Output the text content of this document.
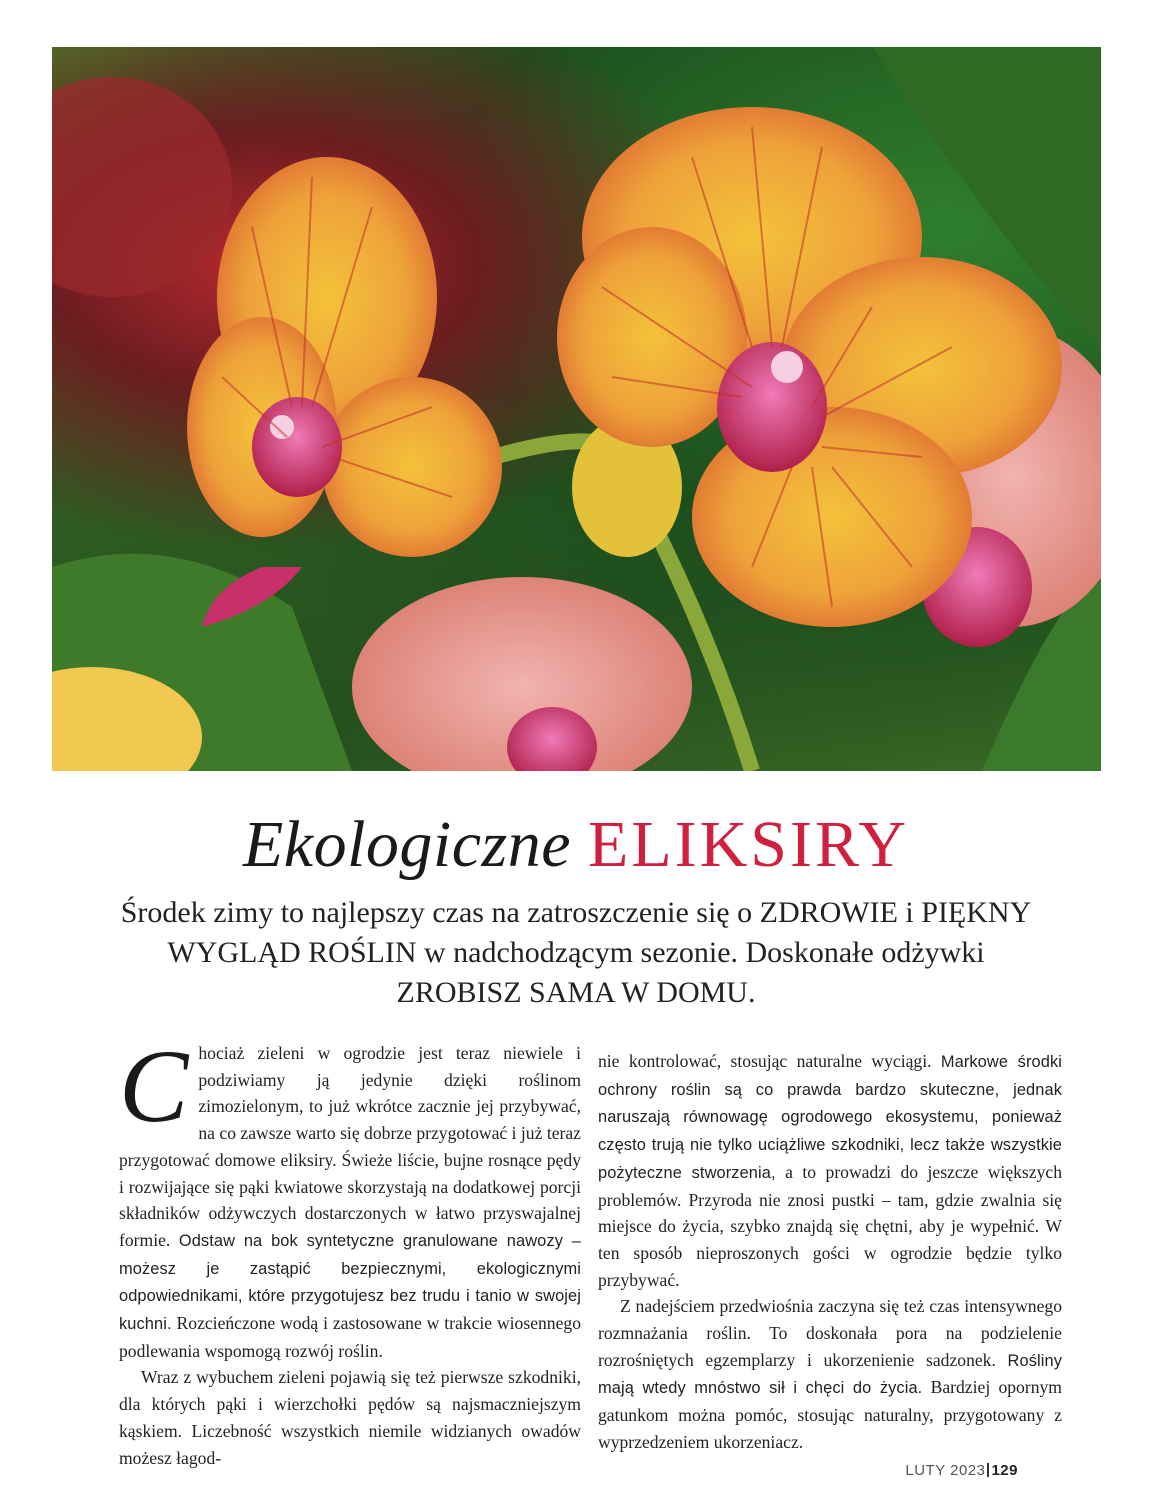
Ekologiczne ELIKSIRY
Środek zimy to najlepszy czas na zatroszczenie się o ZDROWIE i PIĘKNY WYGLĄD ROŚLIN w nadchodzącym sezonie. Doskonałe odżywki ZROBISZ SAMA W DOMU.

Chociaż zieleni w ogrodzie jest teraz niewiele i podziwiamy ją jedynie dzięki roślinom zimozielonym, to już wkrótce zacznie jej przybywać, na co zawsze warto się dobrze przygotować i już teraz przygotować domowe eliksiry. Świeże liście, bujne rosnące pędy i rozwijające się pąki kwiatowe skorzystają na dodatkowej porcji składników odżywczych dostarczonych w łatwo przyswajalnej formie. Odstaw na bok syntetyczne granulowane nawozy – możesz je zastąpić bezpiecznymi, ekologicznymi odpowiednikami, które przygotujesz bez trudu i tanio w swojej kuchni. Rozcieńczone wodą i zastosowane w trakcie wiosennego podlewania wspomogą rozwój roślin.

Wraz z wybuchem zieleni pojawią się też pierwsze szkodniki, dla których pąki i wierzchołki pędów są najsmaczniejszym kąskiem. Liczebność wszystkich niemile widzianych owadów możesz łagod-

nie kontrolować, stosując naturalne wyciągi. Markowe środki ochrony roślin są co prawda bardzo skuteczne, jednak naruszają równowagę ogrodowego ekosystemu, ponieważ często trują nie tylko uciążliwe szkodniki, lecz także wszystkie pożyteczne stworzenia, a to prowadzi do jeszcze większych problemów. Przyroda nie znosi pustki – tam, gdzie zwalnia się miejsce do życia, szybko znajdą się chętni, aby je wypełnić. W ten sposób nieproszonych gości w ogrodzie będzie tylko przybywać.

Z nadejściem przedwiośnia zaczyna się też czas intensywnego rozmnażania roślin. To doskonała pora na podzielenie rozrośniętych egzemplarzy i ukorzenienie sadzonek. Rośliny mają wtedy mnóstwo sił i chęci do życia. Bardziej opornym gatunkom można pomóc, stosując naturalny, przygotowany z wyprzedzeniem ukorzeniacz.

LUTY 2023 129
